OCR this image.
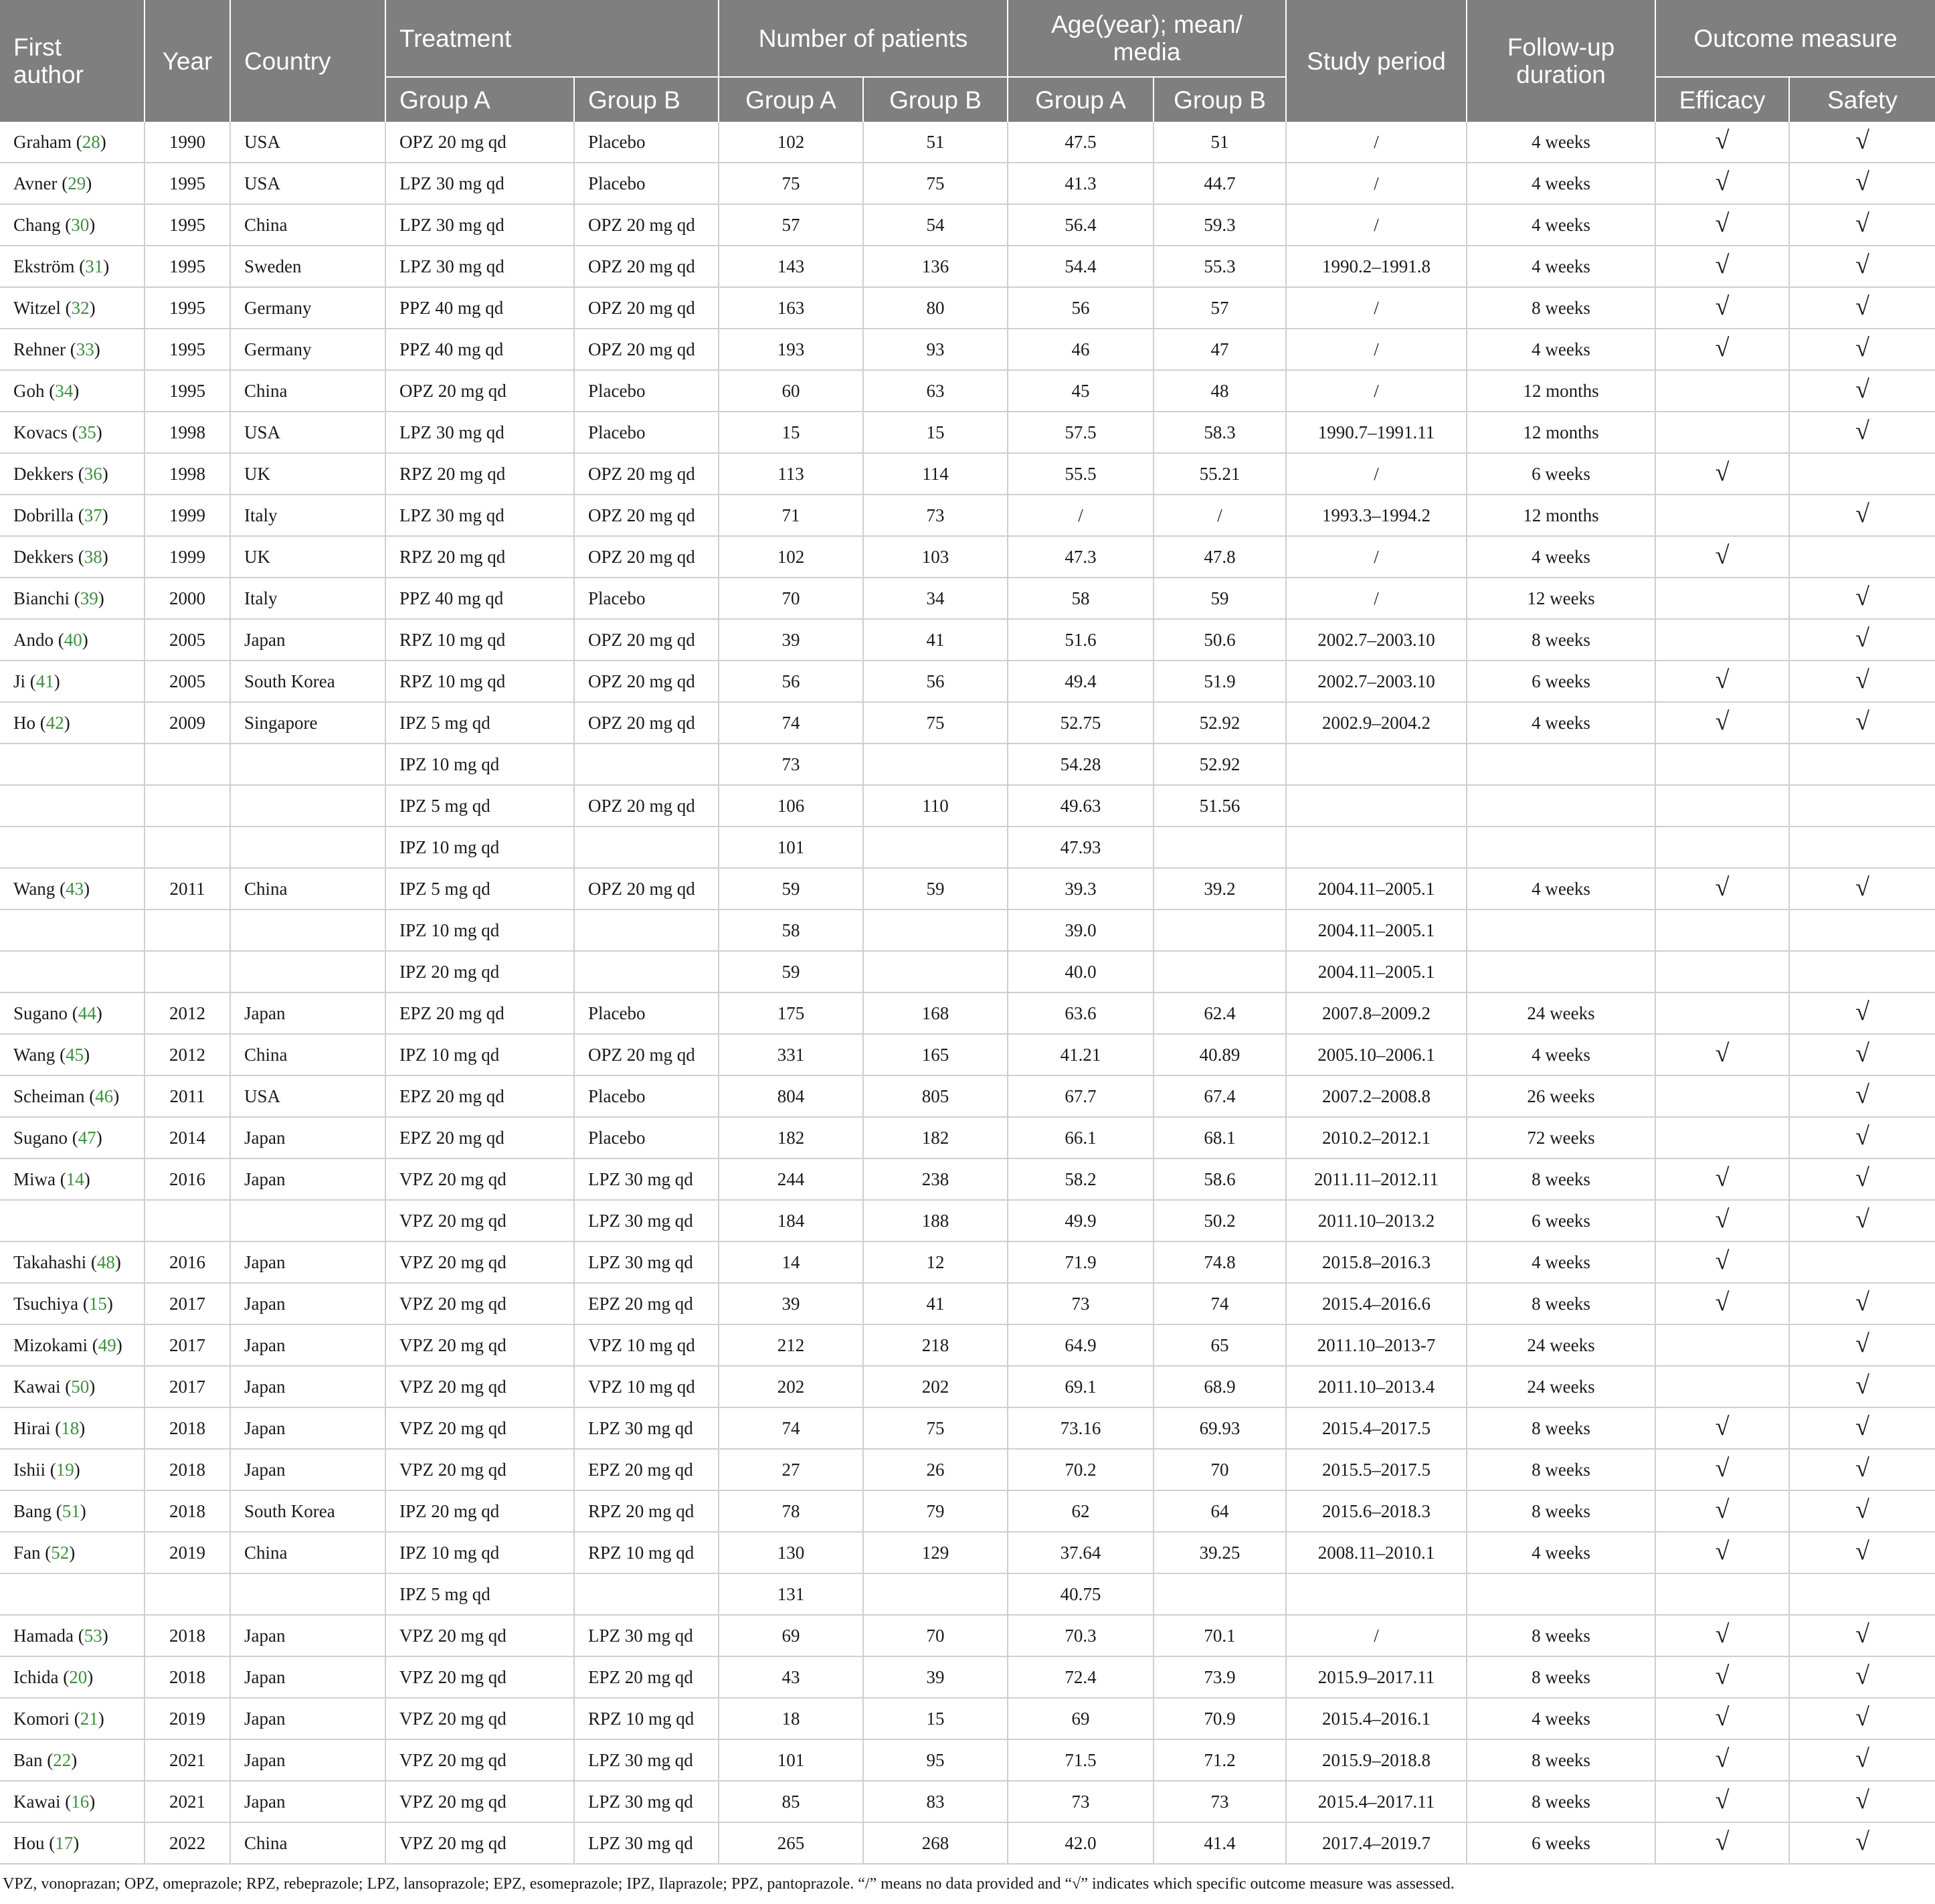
First author	Year	Country	Treatment		Number of patients		Age(year); mean/ media		Study period	Follow-up duration	Outcome measure	
			Group A	Group B	Group A	Group B	Group A	Group B			Efficacy	Safety
Graham (28)	1990	USA	OPZ 20 mg qd	Placebo	102	51	47.5	51	/	4 weeks	√	√
Avner (29)	1995	USA	LPZ 30 mg qd	Placebo	75	75	41.3	44.7	/	4 weeks	√	√
Chang (30)	1995	China	LPZ 30 mg qd	OPZ 20 mg qd	57	54	56.4	59.3	/	4 weeks	√	√
Ekström (31)	1995	Sweden	LPZ 30 mg qd	OPZ 20 mg qd	143	136	54.4	55.3	1990.2–1991.8	4 weeks	√	√
Witzel (32)	1995	Germany	PPZ 40 mg qd	OPZ 20 mg qd	163	80	56	57	/	8 weeks	√	√
Rehner (33)	1995	Germany	PPZ 40 mg qd	OPZ 20 mg qd	193	93	46	47	/	4 weeks	√	√
Goh (34)	1995	China	OPZ 20 mg qd	Placebo	60	63	45	48	/	12 months		√
Kovacs (35)	1998	USA	LPZ 30 mg qd	Placebo	15	15	57.5	58.3	1990.7–1991.11	12 months		√
Dekkers (36)	1998	UK	RPZ 20 mg qd	OPZ 20 mg qd	113	114	55.5	55.21	/	6 weeks	√	
Dobrilla (37)	1999	Italy	LPZ 30 mg qd	OPZ 20 mg qd	71	73	/	/	1993.3–1994.2	12 months		√
Dekkers (38)	1999	UK	RPZ 20 mg qd	OPZ 20 mg qd	102	103	47.3	47.8	/	4 weeks	√	
Bianchi (39)	2000	Italy	PPZ 40 mg qd	Placebo	70	34	58	59	/	12 weeks		√
Ando (40)	2005	Japan	RPZ 10 mg qd	OPZ 20 mg qd	39	41	51.6	50.6	2002.7–2003.10	8 weeks		√
Ji (41)	2005	South Korea	RPZ 10 mg qd	OPZ 20 mg qd	56	56	49.4	51.9	2002.7–2003.10	6 weeks	√	√
Ho (42)	2009	Singapore	IPZ 5 mg qd	OPZ 20 mg qd	74	75	52.75	52.92	2002.9–2004.2	4 weeks	√	√
			IPZ 10 mg qd		73		54.28	52.92				
			IPZ 5 mg qd	OPZ 20 mg qd	106	110	49.63	51.56				
			IPZ 10 mg qd		101		47.93					
Wang (43)	2011	China	IPZ 5 mg qd	OPZ 20 mg qd	59	59	39.3	39.2	2004.11–2005.1	4 weeks	√	√
			IPZ 10 mg qd		58		39.0		2004.11–2005.1			
			IPZ 20 mg qd		59		40.0		2004.11–2005.1			
Sugano (44)	2012	Japan	EPZ 20 mg qd	Placebo	175	168	63.6	62.4	2007.8–2009.2	24 weeks		√
Wang (45)	2012	China	IPZ 10 mg qd	OPZ 20 mg qd	331	165	41.21	40.89	2005.10–2006.1	4 weeks	√	√
Scheiman (46)	2011	USA	EPZ 20 mg qd	Placebo	804	805	67.7	67.4	2007.2–2008.8	26 weeks		√
Sugano (47)	2014	Japan	EPZ 20 mg qd	Placebo	182	182	66.1	68.1	2010.2–2012.1	72 weeks		√
Miwa (14)	2016	Japan	VPZ 20 mg qd	LPZ 30 mg qd	244	238	58.2	58.6	2011.11–2012.11	8 weeks	√	√
			VPZ 20 mg qd	LPZ 30 mg qd	184	188	49.9	50.2	2011.10–2013.2	6 weeks	√	√
Takahashi (48)	2016	Japan	VPZ 20 mg qd	LPZ 30 mg qd	14	12	71.9	74.8	2015.8–2016.3	4 weeks	√	
Tsuchiya (15)	2017	Japan	VPZ 20 mg qd	EPZ 20 mg qd	39	41	73	74	2015.4–2016.6	8 weeks	√	√
Mizokami (49)	2017	Japan	VPZ 20 mg qd	VPZ 10 mg qd	212	218	64.9	65	2011.10–2013-7	24 weeks		√
Kawai (50)	2017	Japan	VPZ 20 mg qd	VPZ 10 mg qd	202	202	69.1	68.9	2011.10–2013.4	24 weeks		√
Hirai (18)	2018	Japan	VPZ 20 mg qd	LPZ 30 mg qd	74	75	73.16	69.93	2015.4–2017.5	8 weeks	√	√
Ishii (19)	2018	Japan	VPZ 20 mg qd	EPZ 20 mg qd	27	26	70.2	70	2015.5–2017.5	8 weeks	√	√
Bang (51)	2018	South Korea	IPZ 20 mg qd	RPZ 20 mg qd	78	79	62	64	2015.6–2018.3	8 weeks	√	√
Fan (52)	2019	China	IPZ 10 mg qd	RPZ 10 mg qd	130	129	37.64	39.25	2008.11–2010.1	4 weeks	√	√
			IPZ 5 mg qd		131		40.75					
Hamada (53)	2018	Japan	VPZ 20 mg qd	LPZ 30 mg qd	69	70	70.3	70.1	/	8 weeks	√	√
Ichida (20)	2018	Japan	VPZ 20 mg qd	EPZ 20 mg qd	43	39	72.4	73.9	2015.9–2017.11	8 weeks	√	√
Komori (21)	2019	Japan	VPZ 20 mg qd	RPZ 10 mg qd	18	15	69	70.9	2015.4–2016.1	4 weeks	√	√
Ban (22)	2021	Japan	VPZ 20 mg qd	LPZ 30 mg qd	101	95	71.5	71.2	2015.9–2018.8	8 weeks	√	√
Kawai (16)	2021	Japan	VPZ 20 mg qd	LPZ 30 mg qd	85	83	73	73	2015.4–2017.11	8 weeks	√	√
Hou (17)	2022	China	VPZ 20 mg qd	LPZ 30 mg qd	265	268	42.0	41.4	2017.4–2019.7	6 weeks	√	√
VPZ, vonoprazan; OPZ, omeprazole; RPZ, rebeprazole; LPZ, lansoprazole; EPZ, esomeprazole; IPZ, Ilaprazole; PPZ, pantoprazole. “/” means no data provided and “√” indicates which specific outcome measure was assessed.
